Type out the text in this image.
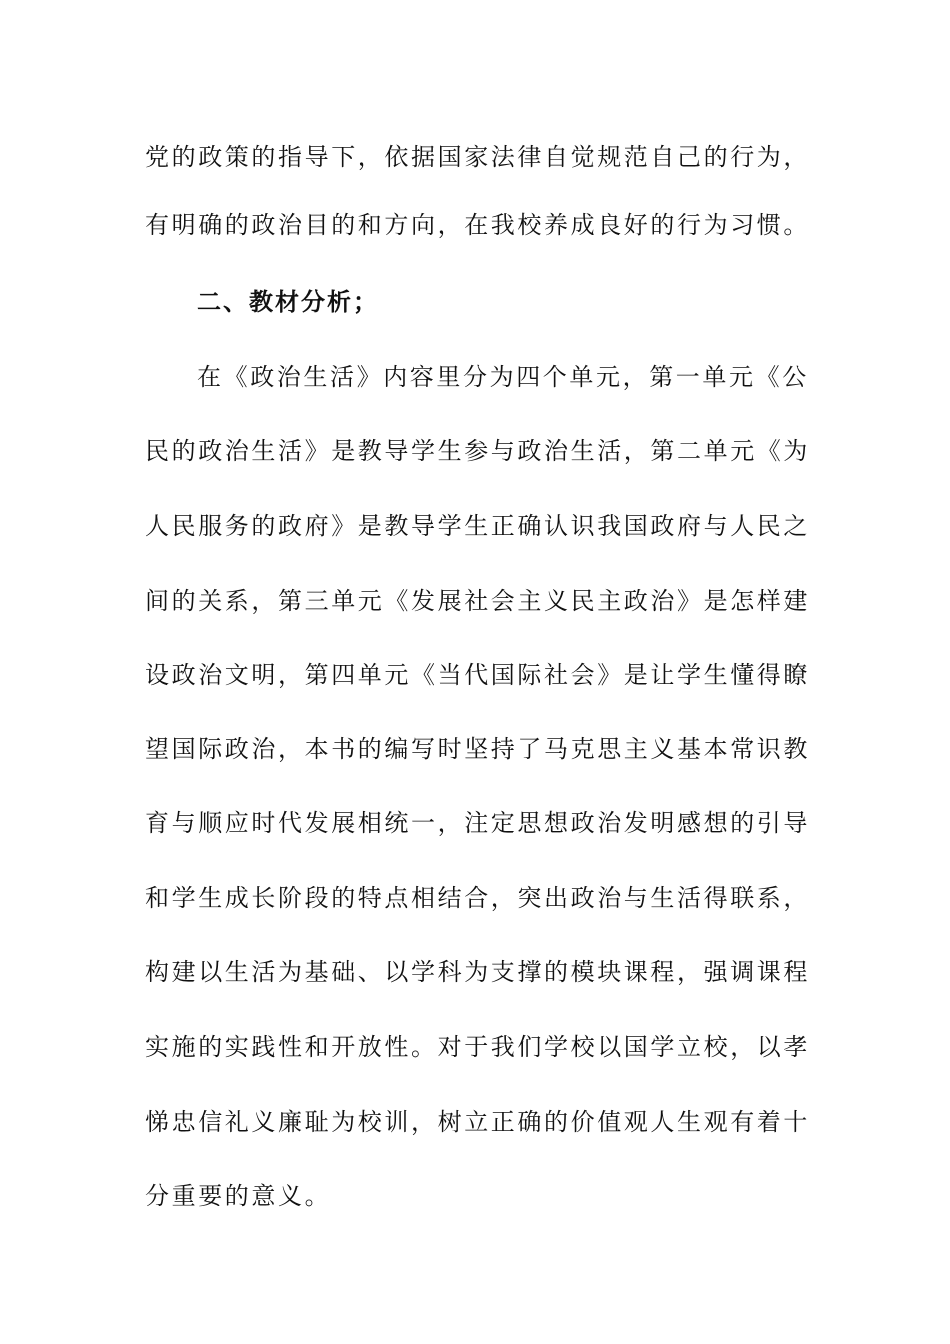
党的政策的指导下，依据国家法律自觉规范自己的行为，
有明确的政治目的和方向，在我校养成良好的行为习惯。
二、教材分析；
在《政治生活》内容里分为四个单元，第一单元《公
民的政治生活》是教导学生参与政治生活，第二单元《为
人民服务的政府》是教导学生正确认识我国政府与人民之
间的关系，第三单元《发展社会主义民主政治》是怎样建
设政治文明，第四单元《当代国际社会》是让学生懂得瞭
望国际政治，本书的编写时坚持了马克思主义基本常识教
育与顺应时代发展相统一，注定思想政治发明感想的引导
和学生成长阶段的特点相结合，突出政治与生活得联系，
构建以生活为基础、以学科为支撑的模块课程，强调课程
实施的实践性和开放性。对于我们学校以国学立校，以孝
悌忠信礼义廉耻为校训，树立正确的价值观人生观有着十
分重要的意义。
